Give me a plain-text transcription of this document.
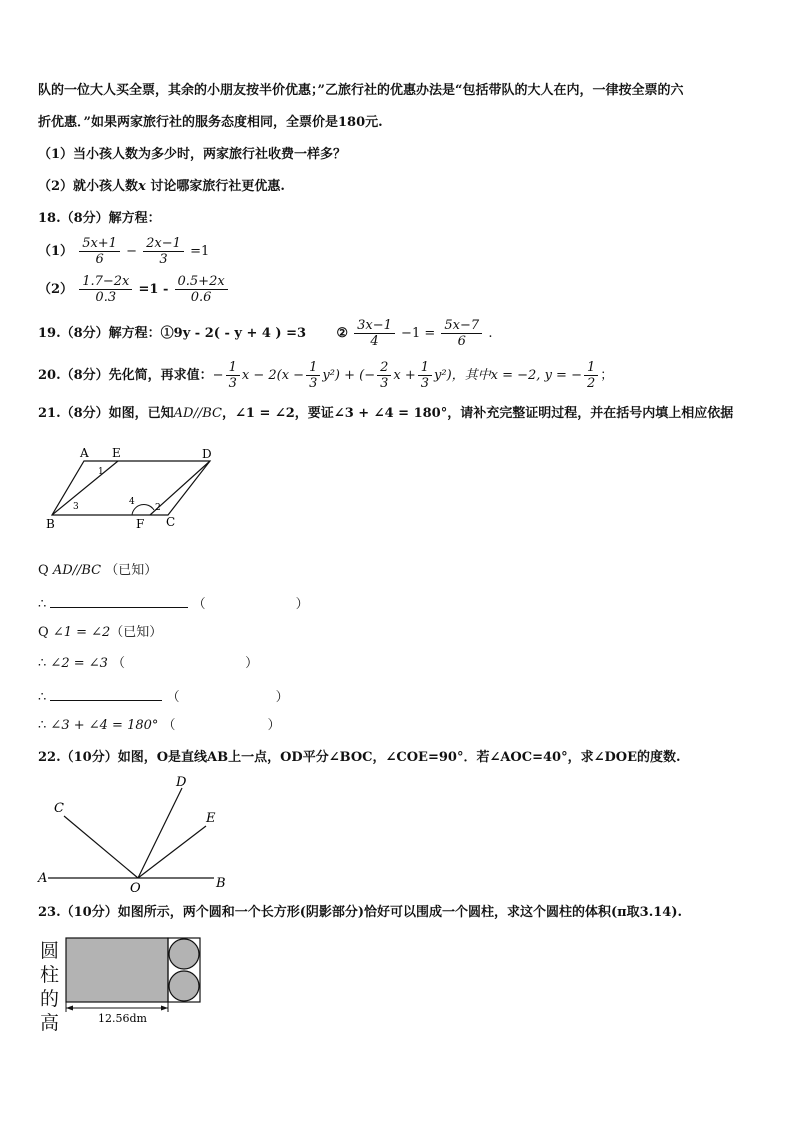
队的一位大人买全票，其余的小朋友按半价优惠；”乙旅行社的优惠办法是“包括带队的大人在内，一律按全票的六
折优惠．”如果两家旅行社的服务态度相同，全票价是180元.
（1）当小孩人数为多少时，两家旅行社收费一样多？
（2）就小孩人数x 讨论哪家旅行社更优惠.
18.（8分）解方程：
$(1) \frac{5x+1}{6} - \frac{2x-1}{3} =1$
$(2) \frac{1.7-2x}{0.3} =1 - \frac{0.5+2x}{0.6}$
19.（8分）解方程：①9y - 2( - y + 4 ) =3 ② $\frac{3x-1}{4} -1 = \frac{5x-7}{6}$ .
20.（8分）先化简，再求值：− $\frac{1}{3}$ $x - 2(x - \frac{1}{3} y^2)$ + (− $\frac{2}{3}$ $x + \frac{1}{3} y^2$)，其中x = −2, y = − $\frac{1}{2}$ ；
21.（8分）如图，已知AD//BC，∠1 = ∠2，要证∠3 + ∠4 = 180°，请补充完整证明过程，并在括号内填上相应依据
A E	D
B	F C
1
2
3	4
Q AD//BC （已知）
∴	（	）
Q ∠1 = ∠2（已知）
∴ ∠2 = ∠3 （	）
∴	（	）
∴ ∠3 + ∠4 = 180° （	）
22.（10分）如图，O是直线AB上一点，OD平分∠BOC，∠COE=90°．若∠AOC=40°，求∠DOE的度数.
A	B
C
D
E
O
23.（10分）如图所示，两个圆和一个长方形(阴影部分)恰好可以围成一个圆柱，求这个圆柱的体积(π取3.14).
圆
柱
的
高	12.56dm
